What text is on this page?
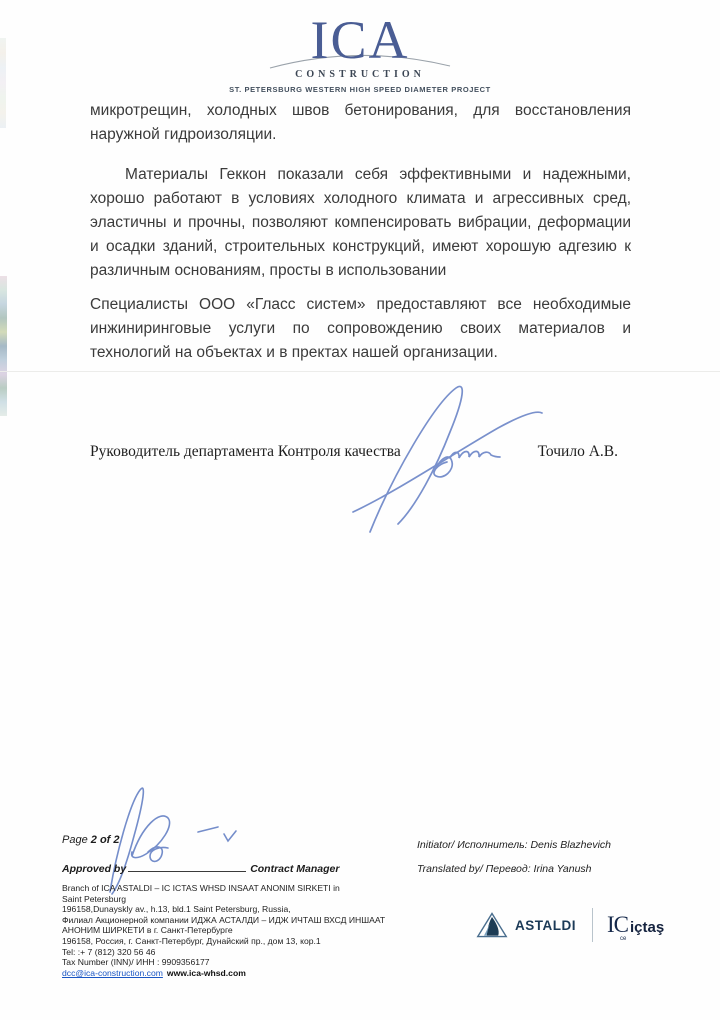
ICA
CONSTRUCTION
ST. PETERSBURG WESTERN HIGH SPEED DIAMETER PROJECT

микротрещин, холодных швов бетонирования, для восстановления наружной гидроизоляции.

Материалы Геккон показали себя эффективными и надежными, хорошо работают в условиях холодного климата и агрессивных сред, эластичны и прочны, позволяют компенсировать вибрации, деформации и осадки зданий, строительных конструкций, имеют хорошую адгезию к различным основаниям, просты в использовании

Специалисты ООО «Гласс систем» предоставляют все необходимые инжиниринговые услуги по сопровождению своих материалов и технологий на объектах и в пректах нашей организации.

Руководитель департамента Контроля качества	Точило А.В.
Page 2 of 2
Approved by	Contract Manager
Initiator/ Исполнитель: Denis Blazhevich
Translated by/ Перевод: Irina Yanush
Branch of ICA ASTALDI – IC ICTAS WHSD INSAAT ANONIM SIRKETI in
Saint Petersburg
196158,Dunayskly av., h.13, bld.1 Saint Petersburg, Russia,
Филиал Акционерной компании ИДЖА АСТАЛДИ – ИДЖ ИЧТАШ ВХСД ИНШААТ
АНОНИМ ШИРКЕТИ в г. Санкт-Петербурге
196158, Россия, г. Санкт-Петербург, Дунайский пр., дом 13, кор.1
Tel: :+ 7 (812) 320 56 46
Tax Number (INN)/ ИНН : 9909356177
dcc@ica-construction.com www.ica-whsd.com
ASTALDI IC
ce
içtaş
